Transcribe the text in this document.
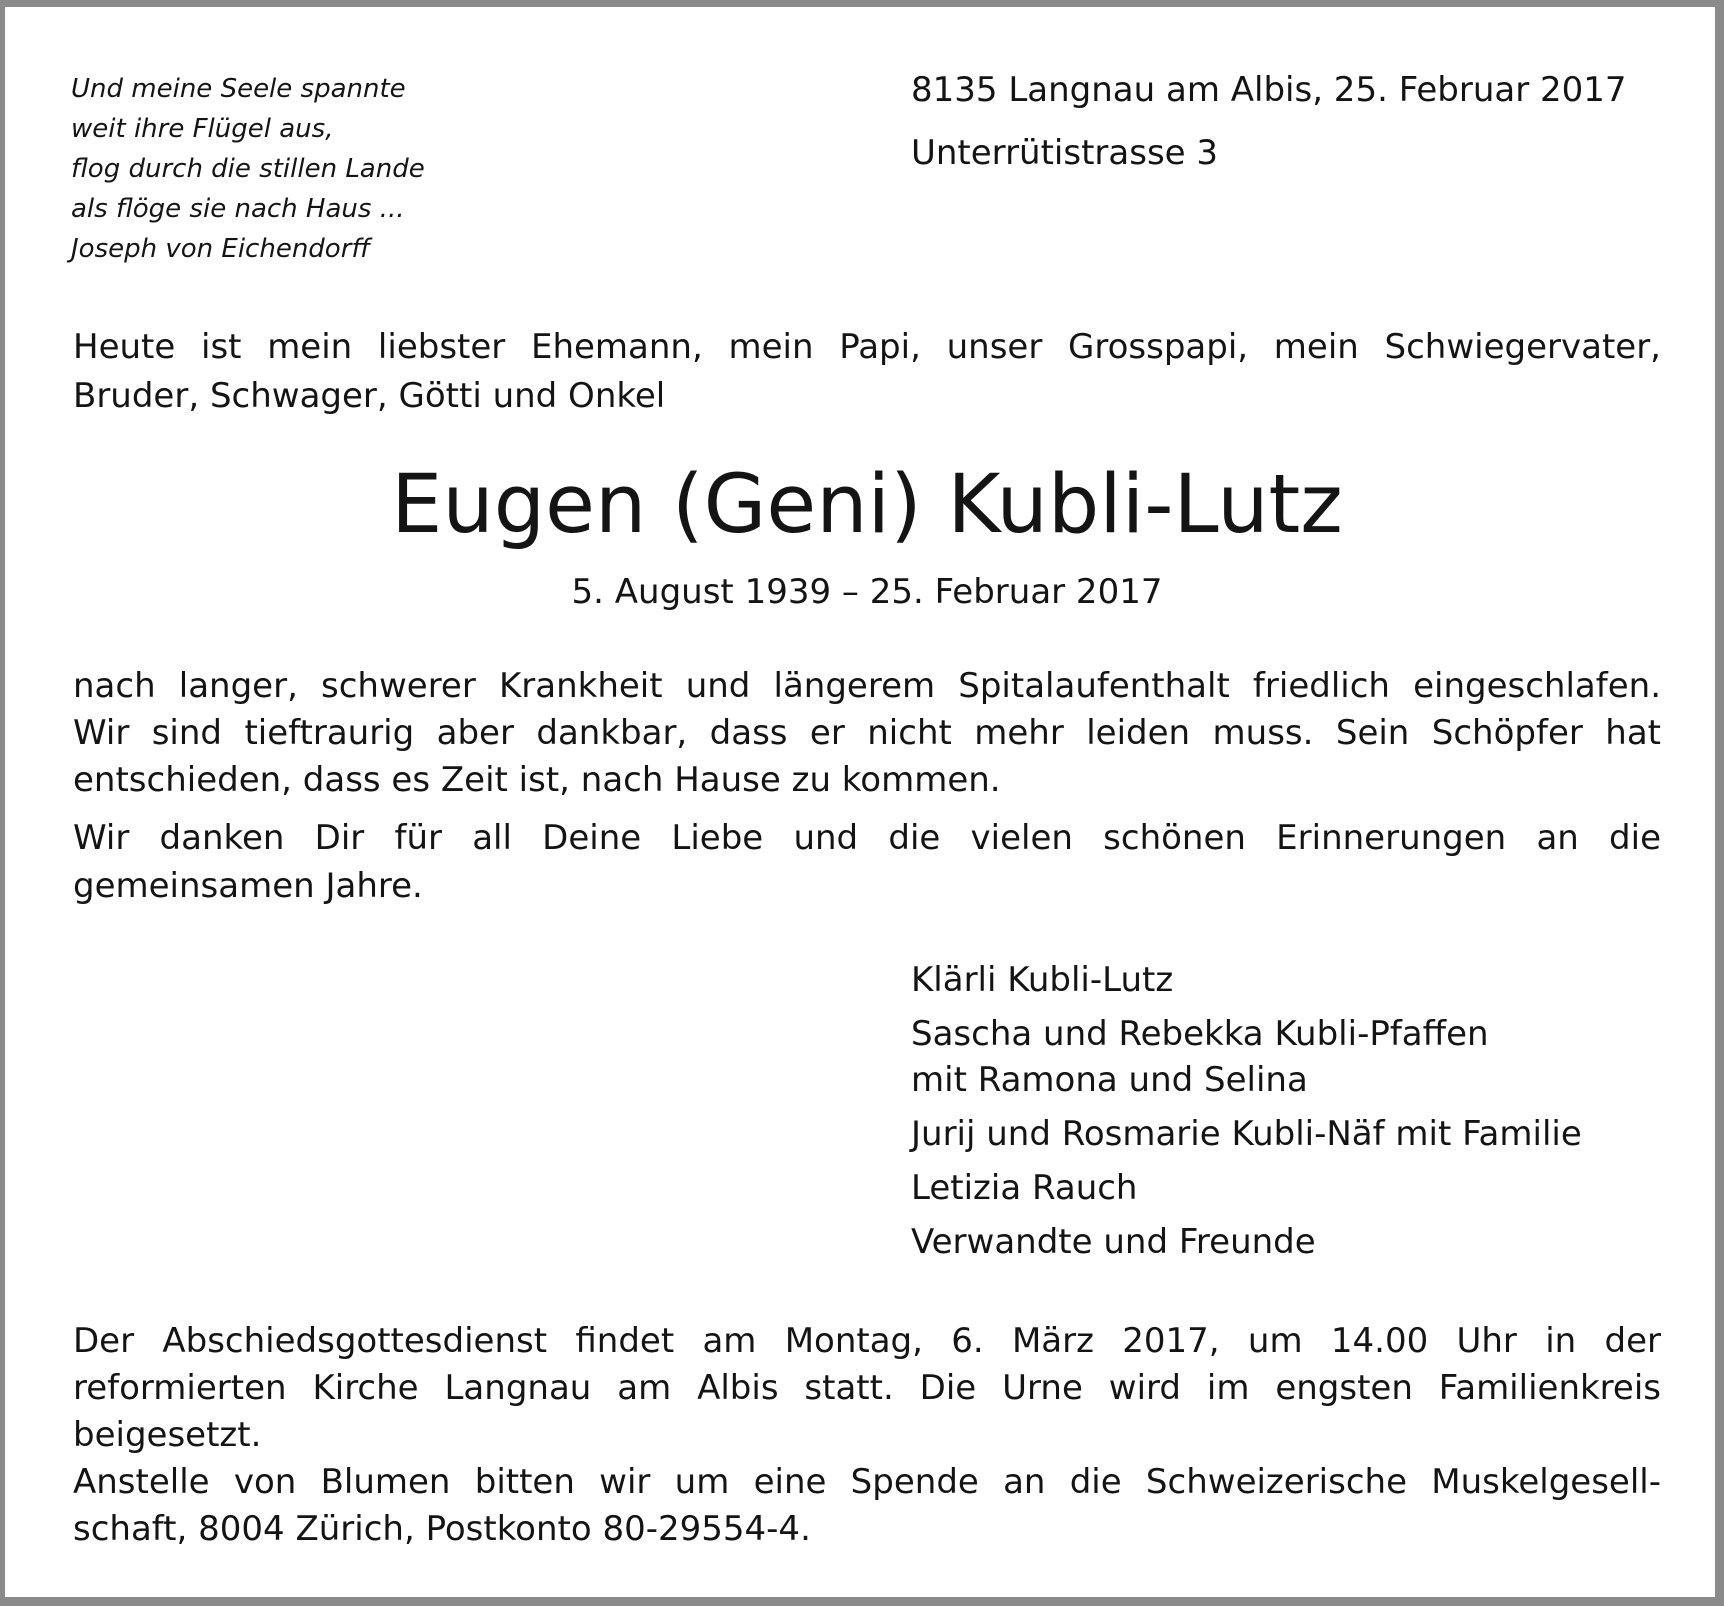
Und meine Seele spannte
weit ihre Flügel aus,
flog durch die stillen Lande
als flöge sie nach Haus ...
Joseph von Eichendorff
8135 Langnau am Albis, 25. Februar 2017
Unterrütistrasse 3
Heute ist mein liebster Ehemann, mein Papi, unser Grosspapi, mein Schwiegervater,
Bruder, Schwager, Götti und Onkel
Eugen (Geni) Kubli-Lutz
5. August 1939 – 25. Februar 2017
nach langer, schwerer Krankheit und längerem Spitalaufenthalt friedlich eingeschlafen.
Wir sind tieftraurig aber dankbar, dass er nicht mehr leiden muss. Sein Schöpfer hat
entschieden, dass es Zeit ist, nach Hause zu kommen.
Wir danken Dir für all Deine Liebe und die vielen schönen Erinnerungen an die
gemeinsamen Jahre.
Klärli Kubli-Lutz
Sascha und Rebekka Kubli-Pfaffen
mit Ramona und Selina
Jurij und Rosmarie Kubli-Näf mit Familie
Letizia Rauch
Verwandte und Freunde
Der Abschiedsgottesdienst findet am Montag, 6. März 2017, um 14.00 Uhr in der
reformierten Kirche Langnau am Albis statt. Die Urne wird im engsten Familienkreis
beigesetzt.
Anstelle von Blumen bitten wir um eine Spende an die Schweizerische Muskelgesell-
schaft, 8004 Zürich, Postkonto 80-29554-4.
